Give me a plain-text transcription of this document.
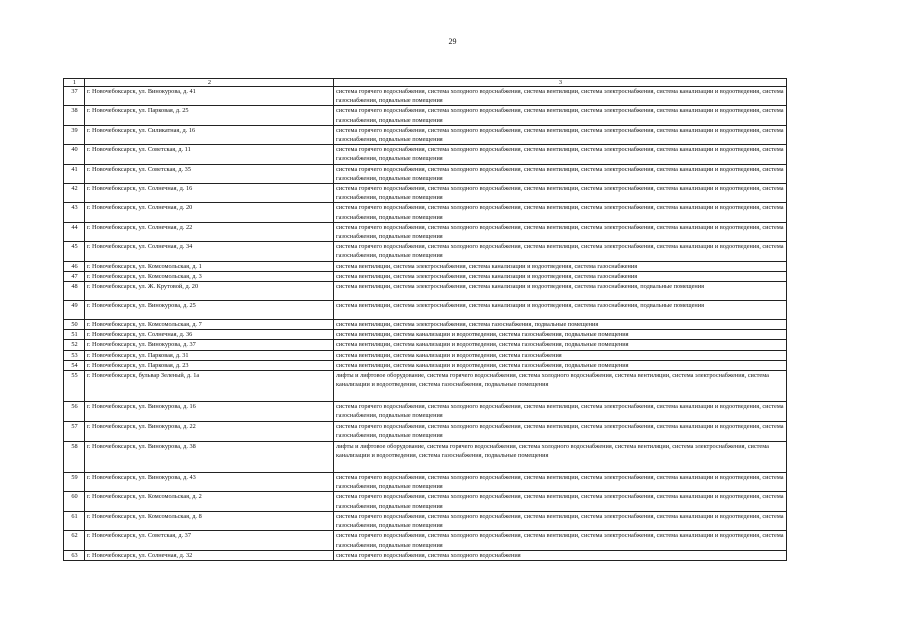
29
1	2	3
37	г. Новочебоксарск, ул. Винокурова, д. 41	система горячего водоснабжения, система холодного водоснабжения, система вентиляции, система электроснабжения, система канализации и водоотведения, система газоснабжения, подвальные помещения
38	г. Новочебоксарск, ул. Парковая, д. 25	система горячего водоснабжения, система холодного водоснабжения, система вентиляции, система электроснабжения, система канализации и водоотведения, система газоснабжения, подвальные помещения
39	г. Новочебоксарск, ул. Силикатная, д. 16	система горячего водоснабжения, система холодного водоснабжения, система вентиляции, система электроснабжения, система канализации и водоотведения, система газоснабжения, подвальные помещения
40	г. Новочебоксарск, ул. Советская, д. 11	система горячего водоснабжения, система холодного водоснабжения, система вентиляции, система электроснабжения, система канализации и водоотведения, система газоснабжения, подвальные помещения
41	г. Новочебоксарск, ул. Советская, д. 35	система горячего водоснабжения, система холодного водоснабжения, система вентиляции, система электроснабжения, система канализации и водоотведения, система газоснабжения, подвальные помещения
42	г. Новочебоксарск, ул. Солнечная, д. 16	система горячего водоснабжения, система холодного водоснабжения, система вентиляции, система электроснабжения, система канализации и водоотведения, система газоснабжения, подвальные помещения
43	г. Новочебоксарск, ул. Солнечная, д. 20	система горячего водоснабжения, система холодного водоснабжения, система вентиляции, система электроснабжения, система канализации и водоотведения, система газоснабжения, подвальные помещения
44	г. Новочебоксарск, ул. Солнечная, д. 22	система горячего водоснабжения, система холодного водоснабжения, система вентиляции, система электроснабжения, система канализации и водоотведения, система газоснабжения, подвальные помещения
45	г. Новочебоксарск, ул. Солнечная, д. 34	система горячего водоснабжения, система холодного водоснабжения, система вентиляции, система электроснабжения, система канализации и водоотведения, система газоснабжения, подвальные помещения
46	г. Новочебоксарск, ул. Комсомольская, д. 1	система вентиляции, система электроснабжения, система канализации и водоотведения, система газоснабжения
47	г. Новочебоксарск, ул. Комсомольская, д. 3	система вентиляции, система электроснабжения, система канализации и водоотведения, система газоснабжения
48	г. Новочебоксарск, ул. Ж. Крутовой, д. 20	система вентиляции, система электроснабжения, система канализации и водоотведения, система газоснабжения, подвальные помещения
49	г. Новочебоксарск, ул. Винокурова, д. 25	система вентиляции, система электроснабжения, система канализации и водоотведения, система газоснабжения, подвальные помещения
50	г. Новочебоксарск, ул. Комсомольская, д. 7	система вентиляции, система электроснабжения, система газоснабжения, подвальные помещения
51	г. Новочебоксарск, ул. Солнечная, д. 36	система вентиляции, система канализации и водоотведения, система газоснабжения, подвальные помещения
52	г. Новочебоксарск, ул. Винокурова, д. 37	система вентиляции, система канализации и водоотведения, система газоснабжения, подвальные помещения
53	г. Новочебоксарск, ул. Парковая, д. 31	система вентиляции, система канализации и водоотведения, система газоснабжения
54	г. Новочебоксарск, ул. Парковая, д. 23	система вентиляции, система канализации и водоотведения, система газоснабжения, подвальные помещения
55	г. Новочебоксарск, бульвар Зеленый, д. 1а	лифты и лифтовое оборудование, система горячего водоснабжения, система холодного водоснабжения, система вентиляции, система электроснабжения, система канализации и водоотведения, система газоснабжения, подвальные помещения
56	г. Новочебоксарск, ул. Винокурова, д. 16	система горячего водоснабжения, система холодного водоснабжения, система вентиляции, система электроснабжения, система канализации и водоотведения, система газоснабжения, подвальные помещения
57	г. Новочебоксарск, ул. Винокурова, д. 22	система горячего водоснабжения, система холодного водоснабжения, система вентиляции, система электроснабжения, система канализации и водоотведения, система газоснабжения, подвальные помещения
58	г. Новочебоксарск, ул. Винокурова, д. 38	лифты и лифтовое оборудование, система горячего водоснабжения, система холодного водоснабжения, система вентиляции, система электроснабжения, система канализации и водоотведения, система газоснабжения, подвальные помещения
59	г. Новочебоксарск, ул. Винокурова, д. 43	система горячего водоснабжения, система холодного водоснабжения, система вентиляции, система электроснабжения, система канализации и водоотведения, система газоснабжения, подвальные помещения
60	г. Новочебоксарск, ул. Комсомольская, д. 2	система горячего водоснабжения, система холодного водоснабжения, система вентиляции, система электроснабжения, система канализации и водоотведения, система газоснабжения, подвальные помещения
61	г. Новочебоксарск, ул. Комсомольская, д. 8	система горячего водоснабжения, система холодного водоснабжения, система вентиляции, система электроснабжения, система канализации и водоотведения, система газоснабжения, подвальные помещения
62	г. Новочебоксарск, ул. Советская, д. 37	система горячего водоснабжения, система холодного водоснабжения, система вентиляции, система электроснабжения, система канализации и водоотведения, система газоснабжения, подвальные помещения
63	г. Новочебоксарск, ул. Солнечная, д. 32	система горячего водоснабжения, система холодного водоснабжения
